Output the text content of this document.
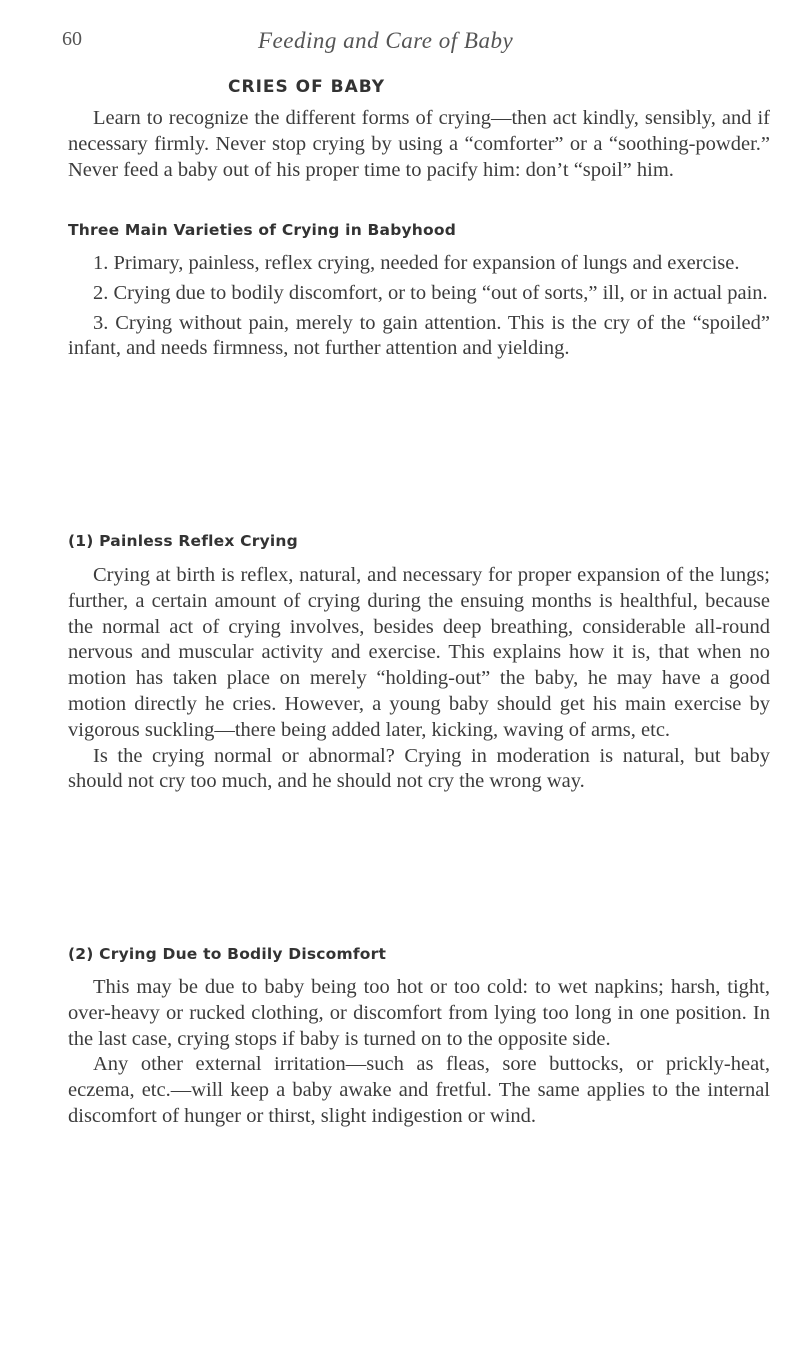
60	Feeding and Care of Baby
CRIES OF BABY

Learn to recognize the different forms of crying—then act kindly, sensibly, and if necessary firmly. Never stop crying by using a “comforter” or a “soothing-powder.” Never feed a baby out of his proper time to pacify him: don’t “spoil” him.

Three Main Varieties of Crying in Babyhood

1. Primary, painless, reflex crying, needed for expansion of lungs and exercise.

2. Crying due to bodily discomfort, or to being “out of sorts,” ill, or in actual pain.

3. Crying without pain, merely to gain attention. This is the cry of the “spoiled” infant, and needs firmness, not further attention and yielding.

(1) Painless Reflex Crying

Crying at birth is reflex, natural, and necessary for proper expansion of the lungs; further, a certain amount of crying during the ensuing months is healthful, because the normal act of crying involves, besides deep breathing, considerable all-round nervous and muscular activity and exercise. This explains how it is, that when no motion has taken place on merely “holding-out” the baby, he may have a good motion directly he cries. However, a young baby should get his main exercise by vigorous suckling—there being added later, kicking, waving of arms, etc.

Is the crying normal or abnormal? Crying in moderation is natural, but baby should not cry too much, and he should not cry the wrong way.

(2) Crying Due to Bodily Discomfort

This may be due to baby being too hot or too cold: to wet napkins; harsh, tight, over-heavy or rucked clothing, or discomfort from lying too long in one position. In the last case, crying stops if baby is turned on to the opposite side.

Any other external irritation—such as fleas, sore buttocks, or prickly-heat, eczema, etc.—will keep a baby awake and fretful. The same applies to the internal discomfort of hunger or thirst, slight indigestion or wind.
